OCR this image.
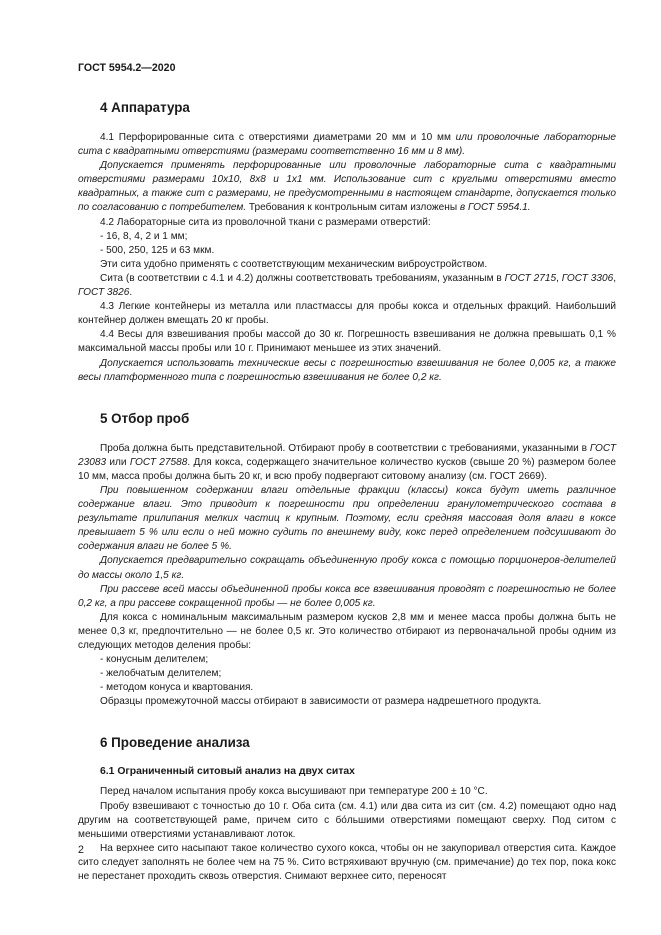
ГОСТ 5954.2—2020

4 Аппаратура

4.1 Перфорированные сита с отверстиями диаметрами 20 мм и 10 мм или проволочные лабораторные сита с квадратными отверстиями (размерами соответственно 16 мм и 8 мм).

Допускается применять перфорированные или проволочные лабораторные сита с квадратными отверстиями размерами 10х10, 8х8 и 1х1 мм. Использование сит с круглыми отверстиями вместо квадратных, а также сит с размерами, не предусмотренными в настоящем стандарте, допускается только по согласованию с потребителем. Требования к контрольным ситам изложены в ГОСТ 5954.1.

4.2 Лабораторные сита из проволочной ткани с размерами отверстий:

- 16, 8, 4, 2 и 1 мм;

- 500, 250, 125 и 63 мкм.

Эти сита удобно применять с соответствующим механическим виброустройством.

Сита (в соответствии с 4.1 и 4.2) должны соответствовать требованиям, указанным в ГОСТ 2715, ГОСТ 3306, ГОСТ 3826.

4.3 Легкие контейнеры из металла или пластмассы для пробы кокса и отдельных фракций. Наибольший контейнер должен вмещать 20 кг пробы.

4.4 Весы для взвешивания пробы массой до 30 кг. Погрешность взвешивания не должна превышать 0,1 % максимальной массы пробы или 10 г. Принимают меньшее из этих значений.

Допускается использовать технические весы с погрешностью взвешивания не более 0,005 кг, а также весы платформенного типа с погрешностью взвешивания не более 0,2 кг.

5 Отбор проб

Проба должна быть представительной. Отбирают пробу в соответствии с требованиями, указанными в ГОСТ 23083 или ГОСТ 27588. Для кокса, содержащего значительное количество кусков (свыше 20 %) размером более 10 мм, масса пробы должна быть 20 кг, и всю пробу подвергают ситовому анализу (см. ГОСТ 2669).

При повышенном содержании влаги отдельные фракции (классы) кокса будут иметь различное содержание влаги. Это приводит к погрешности при определении гранулометрического состава в результате прилипания мелких частиц к крупным. Поэтому, если средняя массовая доля влаги в коксе превышает 5 % или если о ней можно судить по внешнему виду, кокс перед определением подсушивают до содержания влаги не более 5 %.

Допускается предварительно сокращать объединенную пробу кокса с помощью порционеров-делителей до массы около 1,5 кг.

При рассеве всей массы объединенной пробы кокса все взвешивания проводят с погрешностью не более 0,2 кг, а при рассеве сокращенной пробы — не более 0,005 кг.

Для кокса с номинальным максимальным размером кусков 2,8 мм и менее масса пробы должна быть не менее 0,3 кг, предпочтительно — не более 0,5 кг. Это количество отбирают из первоначальной пробы одним из следующих методов деления пробы:

- конусным делителем;

- желобчатым делителем;

- методом конуса и квартования.

Образцы промежуточной массы отбирают в зависимости от размера надрешетного продукта.

6 Проведение анализа
6.1 Ограниченный ситовый анализ на двух ситах

Перед началом испытания пробу кокса высушивают при температуре 200 ± 10 °С.

Пробу взвешивают с точностью до 10 г. Оба сита (см. 4.1) или два сита из сит (см. 4.2) помещают одно над другим на соответствующей раме, причем сито с бо́льшими отверстиями помещают сверху. Под ситом с меньшими отверстиями устанавливают лоток.

На верхнее сито насыпают такое количество сухого кокса, чтобы он не закупоривал отверстия сита. Каждое сито следует заполнять не более чем на 75 %. Сито встряхивают вручную (см. примечание) до тех пор, пока кокс не перестанет проходить сквозь отверстия. Снимают верхнее сито, переносят

2
